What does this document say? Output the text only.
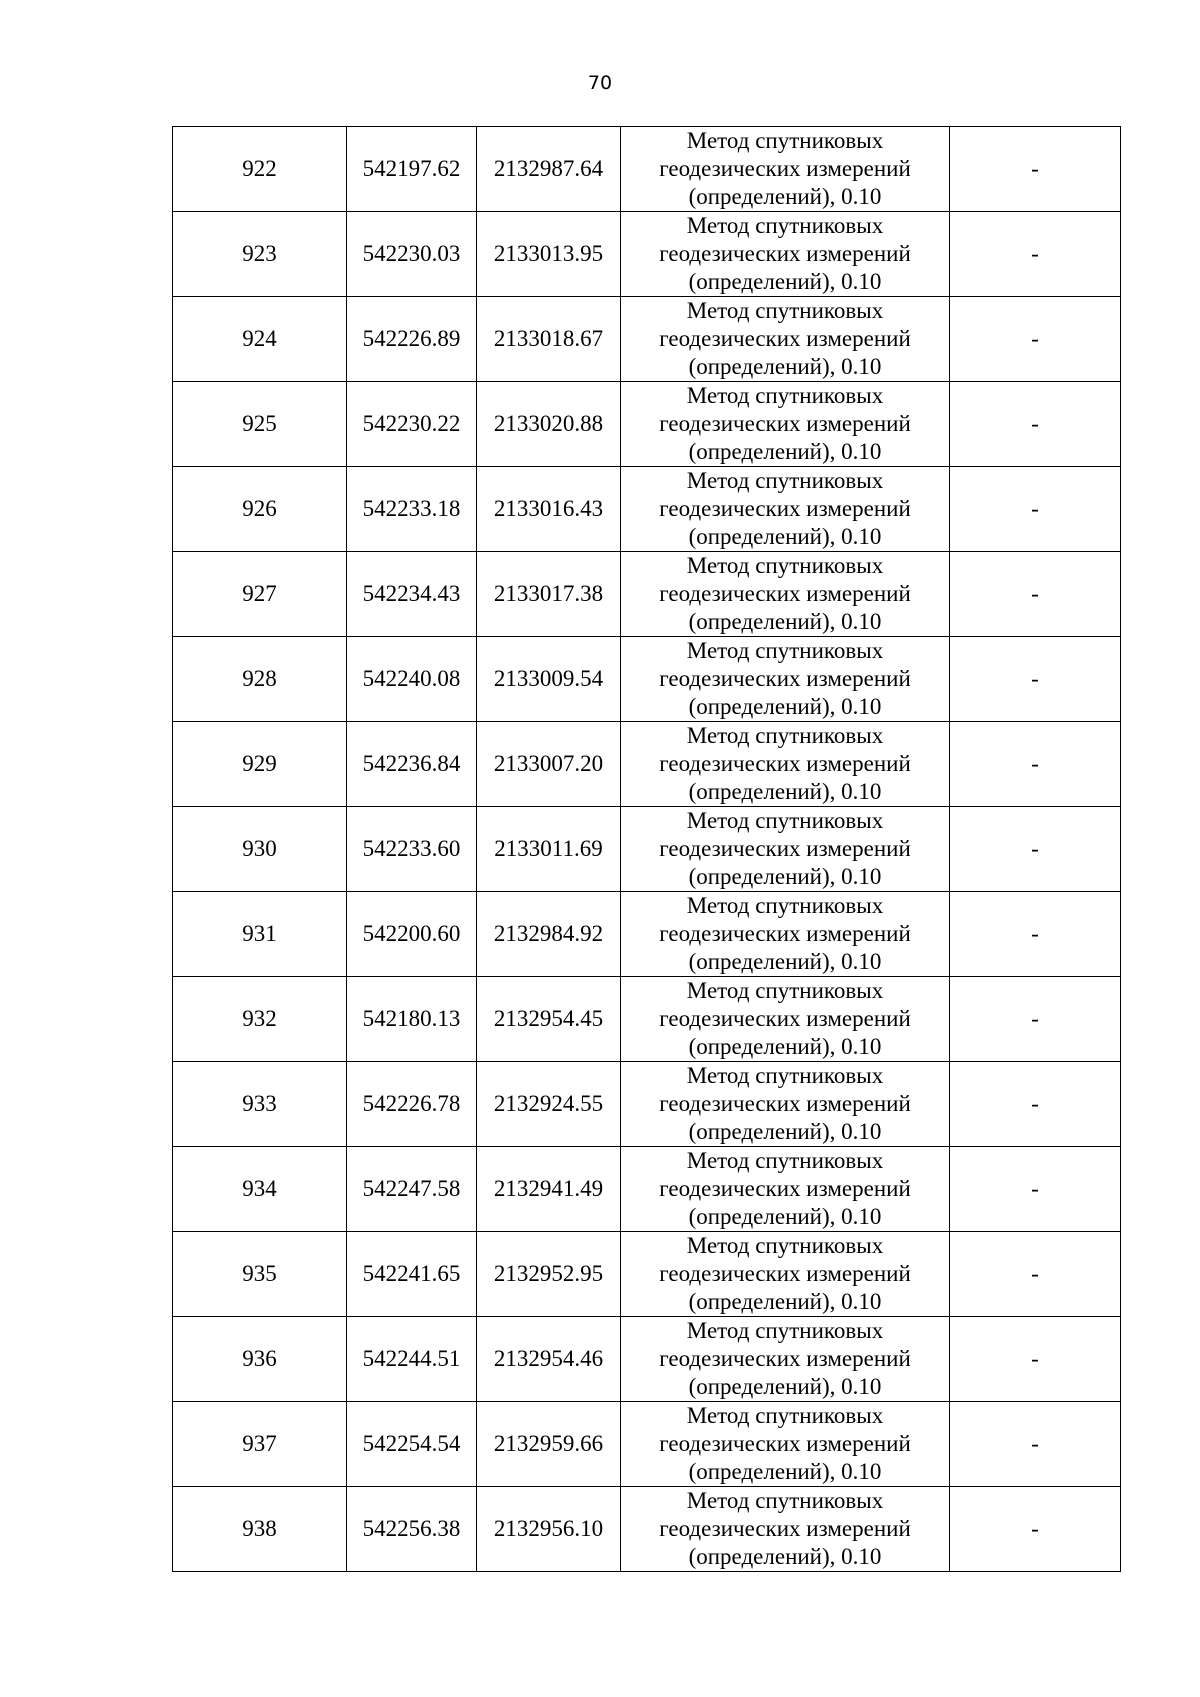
70
922	542197.62	2132987.64	Метод спутниковых
геодезических измерений
(определений), 0.10	-
923	542230.03	2133013.95	Метод спутниковых
геодезических измерений
(определений), 0.10	-
924	542226.89	2133018.67	Метод спутниковых
геодезических измерений
(определений), 0.10	-
925	542230.22	2133020.88	Метод спутниковых
геодезических измерений
(определений), 0.10	-
926	542233.18	2133016.43	Метод спутниковых
геодезических измерений
(определений), 0.10	-
927	542234.43	2133017.38	Метод спутниковых
геодезических измерений
(определений), 0.10	-
928	542240.08	2133009.54	Метод спутниковых
геодезических измерений
(определений), 0.10	-
929	542236.84	2133007.20	Метод спутниковых
геодезических измерений
(определений), 0.10	-
930	542233.60	2133011.69	Метод спутниковых
геодезических измерений
(определений), 0.10	-
931	542200.60	2132984.92	Метод спутниковых
геодезических измерений
(определений), 0.10	-
932	542180.13	2132954.45	Метод спутниковых
геодезических измерений
(определений), 0.10	-
933	542226.78	2132924.55	Метод спутниковых
геодезических измерений
(определений), 0.10	-
934	542247.58	2132941.49	Метод спутниковых
геодезических измерений
(определений), 0.10	-
935	542241.65	2132952.95	Метод спутниковых
геодезических измерений
(определений), 0.10	-
936	542244.51	2132954.46	Метод спутниковых
геодезических измерений
(определений), 0.10	-
937	542254.54	2132959.66	Метод спутниковых
геодезических измерений
(определений), 0.10	-
938	542256.38	2132956.10	Метод спутниковых
геодезических измерений
(определений), 0.10	-
